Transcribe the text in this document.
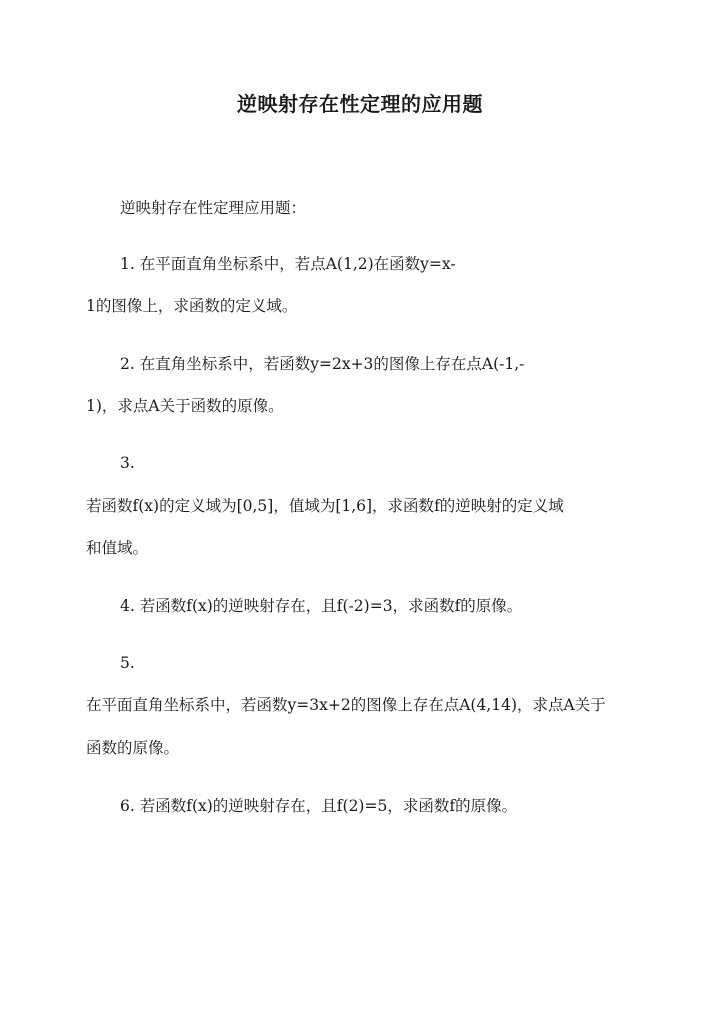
逆映射存在性定理的应用题
逆映射存在性定理应用题：
1. 在平面直角坐标系中，若点A(1,2)在函数y=x-
1的图像上，求函数的定义域。
2. 在直角坐标系中，若函数y=2x+3的图像上存在点A(-1,-
1)，求点A关于函数的原像。
3.
若函数f(x)的定义域为[0,5]，值域为[1,6]，求函数f的逆映射的定义域
和值域。
4. 若函数f(x)的逆映射存在，且f(-2)=3，求函数f的原像。
5.
在平面直角坐标系中，若函数y=3x+2的图像上存在点A(4,14)，求点A关于
函数的原像。
6. 若函数f(x)的逆映射存在，且f(2)=5，求函数f的原像。
